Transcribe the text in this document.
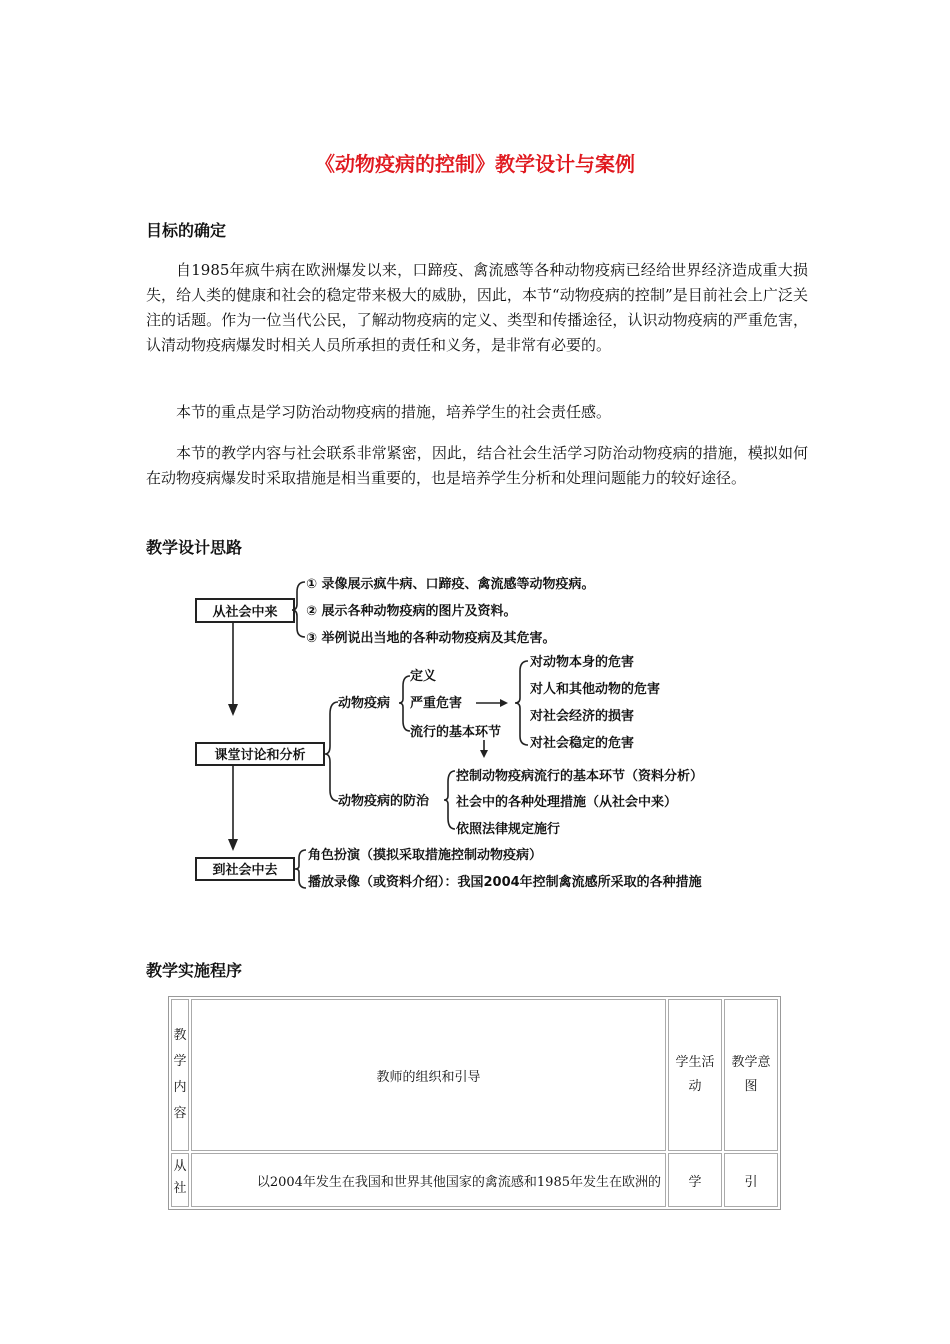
《动物疫病的控制》教学设计与案例
目标的确定

自1985年疯牛病在欧洲爆发以来，口蹄疫、禽流感等各种动物疫病已经给世界经济造成重大损失，给人类的健康和社会的稳定带来极大的威胁，因此，本节“动物疫病的控制”是目前社会上广泛关注的话题。作为一位当代公民，了解动物疫病的定义、类型和传播途径，认识动物疫病的严重危害，认清动物疫病爆发时相关人员所承担的责任和义务，是非常有必要的。

本节的重点是学习防治动物疫病的措施，培养学生的社会责任感。

本节的教学内容与社会联系非常紧密，因此，结合社会生活学习防治动物疫病的措施，模拟如何在动物疫病爆发时采取措施是相当重要的，也是培养学生分析和处理问题能力的较好途径。

教学设计思路
从社会中来
① 录像展示疯牛病、口蹄疫、禽流感等动物疫病。
② 展示各种动物疫病的图片及资料。
③ 举例说出当地的各种动物疫病及其危害。
课堂讨论和分析
动物疫病
定义
严重危害
流行的基本环节
对动物本身的危害
对人和其他动物的危害
对社会经济的损害
对社会稳定的危害
动物疫病的防治
控制动物疫病流行的基本环节（资料分析）
社会中的各种处理措施（从社会中来）
依照法律规定施行
到社会中去
角色扮演（摸拟采取措施控制动物疫病）
播放录像（或资料介绍）：我国2004年控制禽流感所采取的各种措施
教学实施程序
教学内容	教师的组织和引导	学生活动	教学意图
从社	以2004年发生在我国和世界其他国家的禽流感和1985年发生在欧洲的	学	引
